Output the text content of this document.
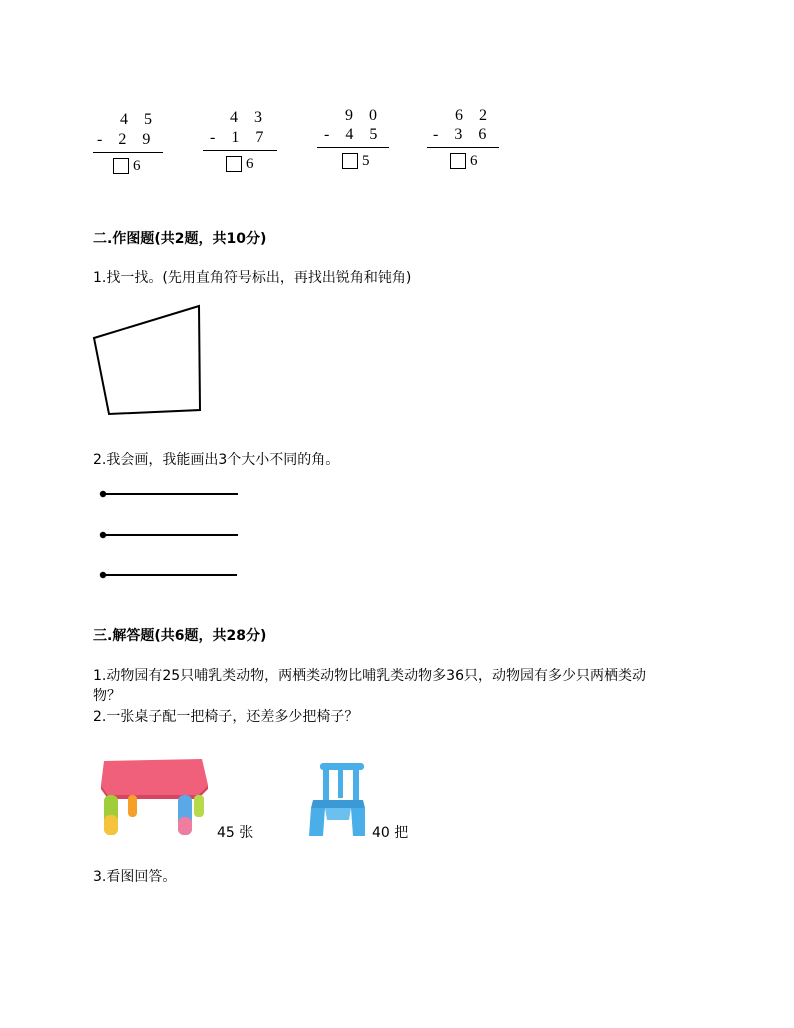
4 5
- 2 9
6
4 3
- 1 7
6
9 0
- 4 5
5
6 2
- 3 6
6
二.作图题(共2题，共10分)
1.找一找。(先用直角符号标出，再找出锐角和钝角)
2.我会画，我能画出3个大小不同的角。
三.解答题(共6题，共28分)
1.动物园有25只哺乳类动物，两栖类动物比哺乳类动物多36只，动物园有多少只两栖类动
物？
2.一张桌子配一把椅子，还差多少把椅子？
45 张	40 把
3.看图回答。
